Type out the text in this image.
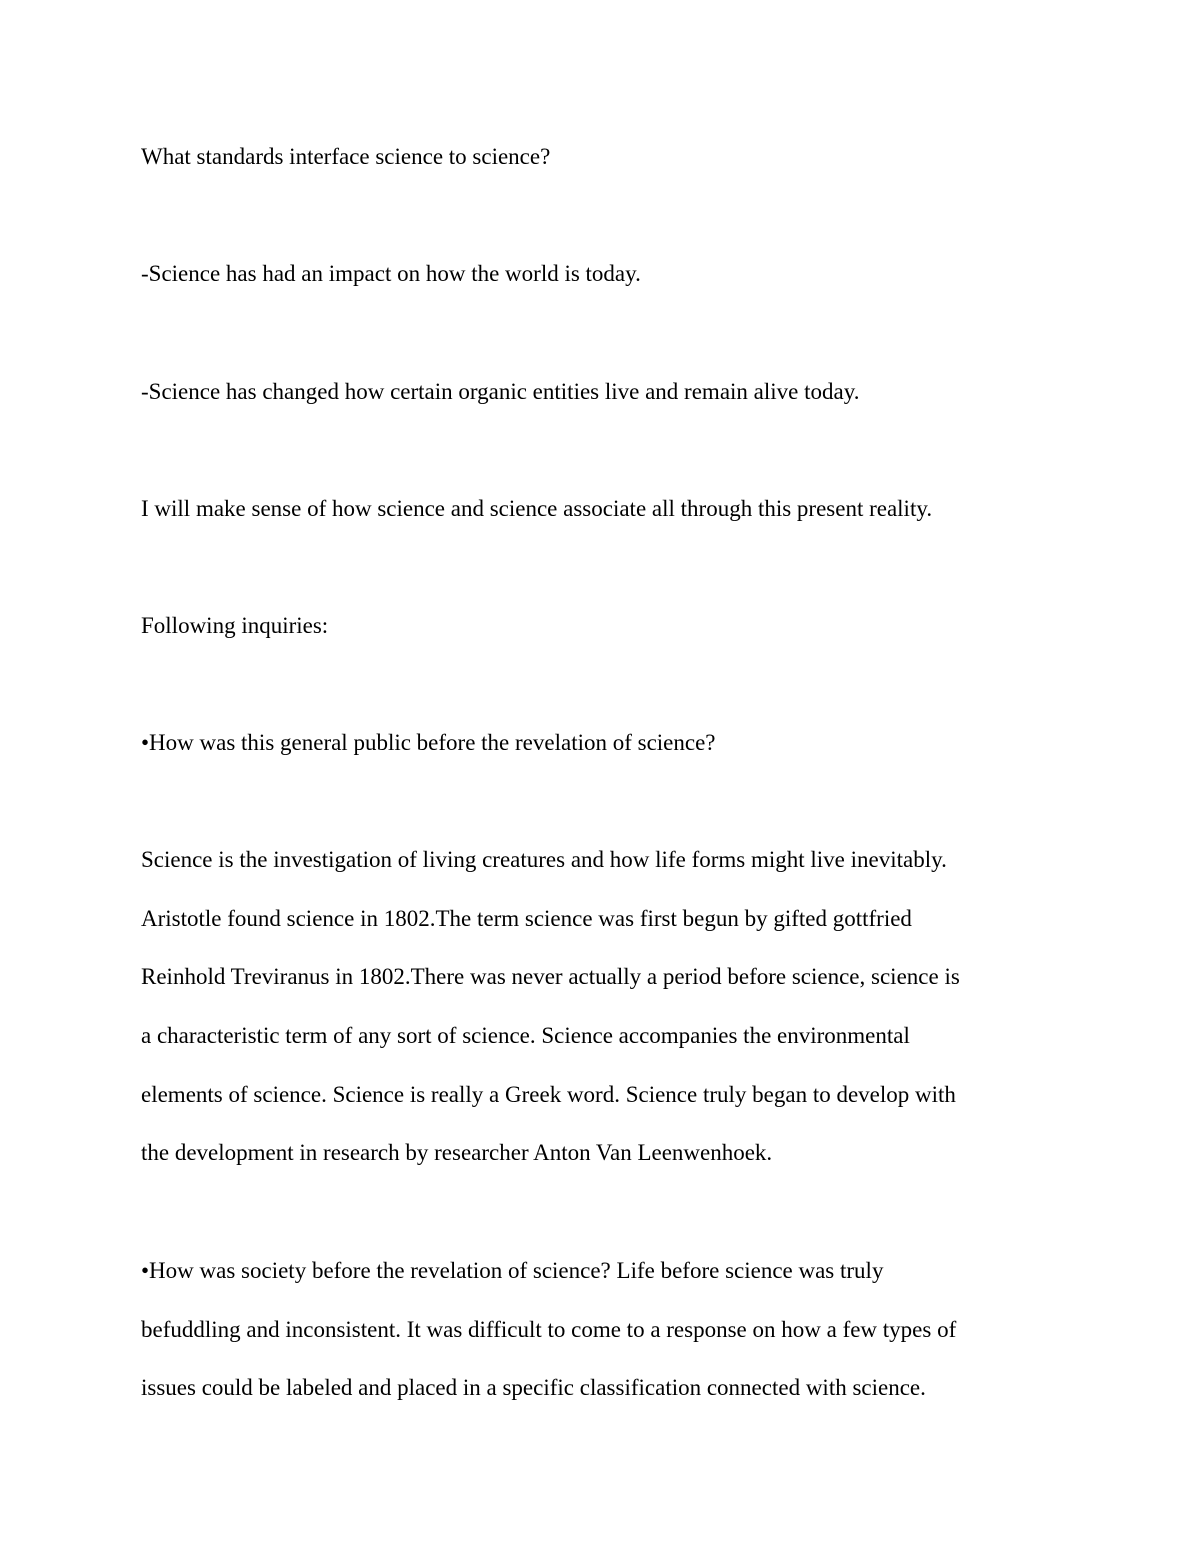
What standards interface science to science?
-Science has had an impact on how the world is today.
-Science has changed how certain organic entities live and remain alive today.
I will make sense of how science and science associate all through this present reality.
Following inquiries:
•How was this general public before the revelation of science?
Science is the investigation of living creatures and how life forms might live inevitably.
Aristotle found science in 1802.The term science was first begun by gifted gottfried
Reinhold Treviranus in 1802.There was never actually a period before science, science is
a characteristic term of any sort of science. Science accompanies the environmental
elements of science. Science is really a Greek word. Science truly began to develop with
the development in research by researcher Anton Van Leenwenhoek.
•How was society before the revelation of science? Life before science was truly
befuddling and inconsistent. It was difficult to come to a response on how a few types of
issues could be labeled and placed in a specific classification connected with science.
